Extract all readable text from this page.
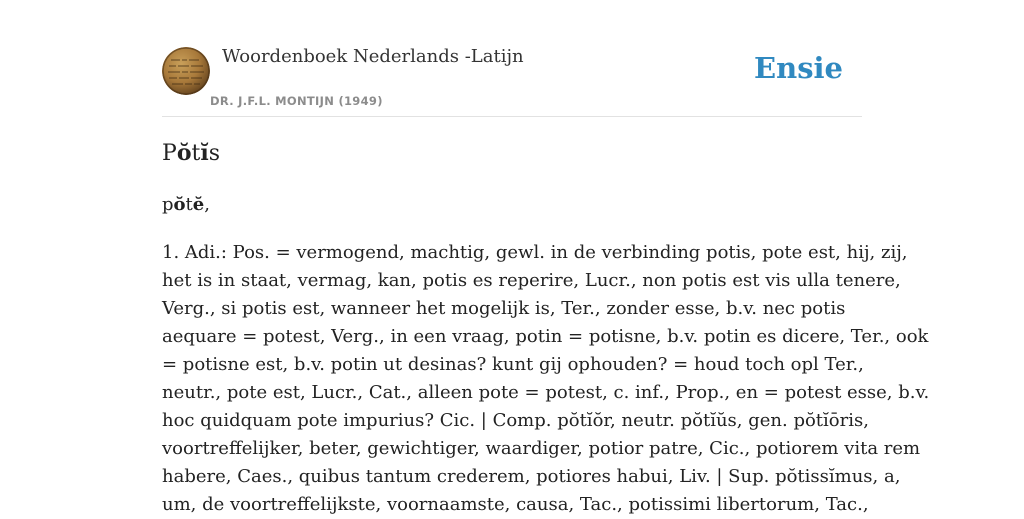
Woordenboek Nederlands -Latijn
DR. J.F.L. MONTIJN (1949)
Ensie
Pŏtĭs
pŏtĕ,
1. Adi.: Pos. = vermogend, machtig, gewl. in de verbinding potis, pote est, hij, zij,
het is in staat, vermag, kan, potis es reperire, Lucr., non potis est vis ulla tenere,
Verg., si potis est, wanneer het mogelijk is, Ter., zonder esse, b.v. nec potis
aequare = potest, Verg., in een vraag, potin = potisne, b.v. potin es dicere, Ter., ook
= potisne est, b.v. potin ut desinas? kunt gij ophouden? = houd toch opl Ter.,
neutr., pote est, Lucr., Cat., alleen pote = potest, c. inf., Prop., en = potest esse, b.v.
hoc quidquam pote impurius? Cic. | Comp. pŏtĭŏr, neutr. pŏtĭŭs, gen. pŏtĭōris,
voortreffelijker, beter, gewichtiger, waardiger, potior patre, Cic., potiorem vita rem
habere, Caes., quibus tantum crederem, potiores habui, Liv. | Sup. pŏtissĭmus, a,
um, de voortreffelijkste, voornaamste, causa, Tac., potissimi libertorum, Tac.,
